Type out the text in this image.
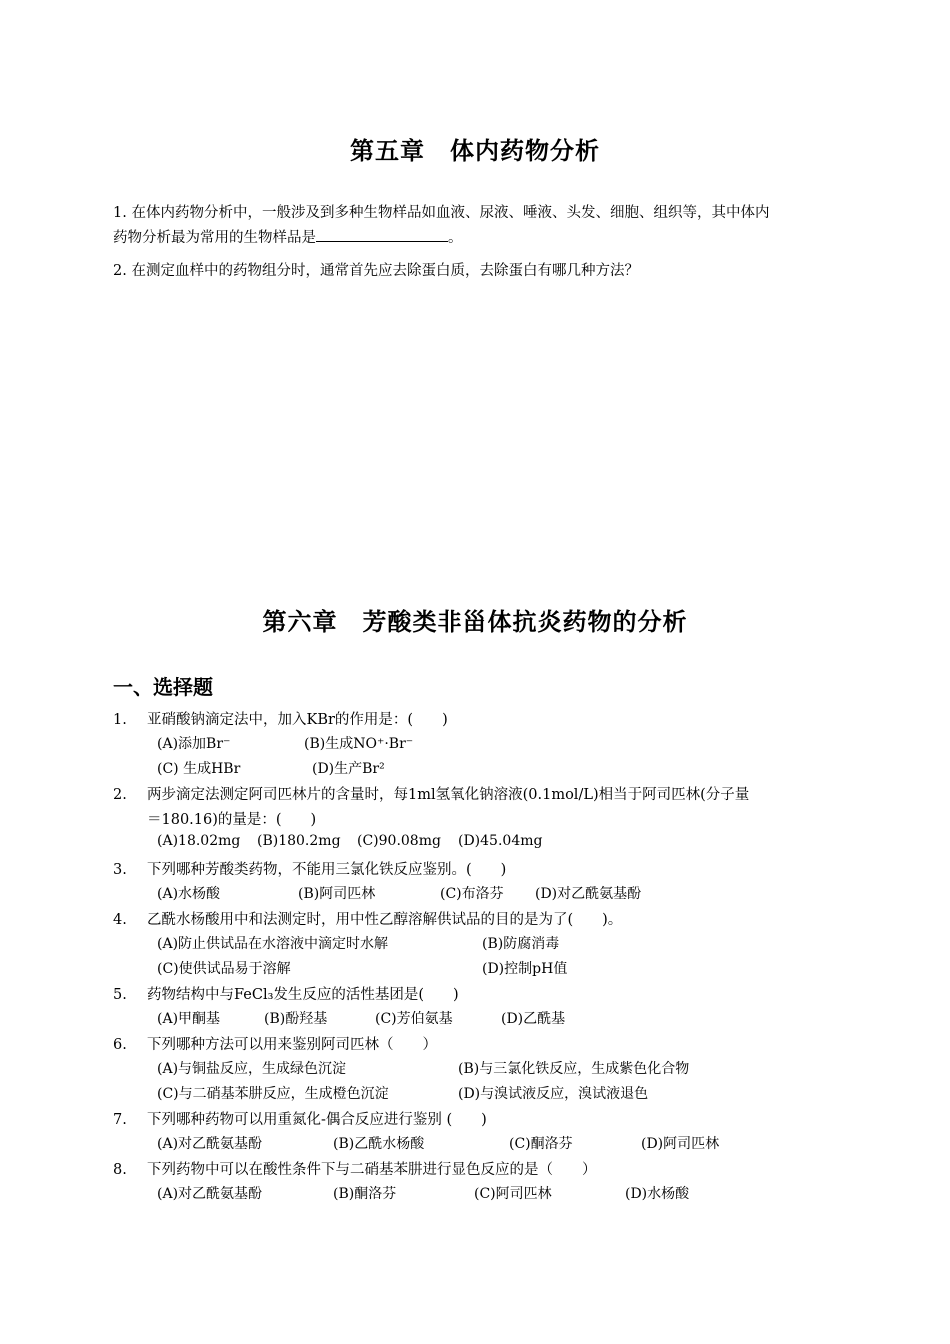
第五章　体内药物分析
1. 在体内药物分析中，一般涉及到多种生物样品如血液、尿液、唾液、头发、细胞、组织等，其中体内
药物分析最为常用的生物样品是	。
2. 在测定血样中的药物组分时，通常首先应去除蛋白质，去除蛋白有哪几种方法？
第六章　芳酸类非甾体抗炎药物的分析
一、选择题
1. 亚硝酸钠滴定法中，加入KBr的作用是：(　　)
(A)添加Br⁻	(B)生成NO⁺·Br⁻
(C) 生成HBr	(D)生产Br²
2. 两步滴定法测定阿司匹林片的含量时，每1ml氢氧化钠溶液(0.1mol/L)相当于阿司匹林(分子量
＝180.16)的量是：(　　)
(A)18.02mg (B)180.2mg (C)90.08mg (D)45.04mg
3. 下列哪种芳酸类药物，不能用三氯化铁反应鉴别。(　　)
(A)水杨酸	(B)阿司匹林	(C)布洛芬 (D)对乙酰氨基酚
4. 乙酰水杨酸用中和法测定时，用中性乙醇溶解供试品的目的是为了(　　)。
(A)防止供试品在水溶液中滴定时水解	(B)防腐消毒
(C)使供试品易于溶解	(D)控制pH值
5. 药物结构中与FeCl₃发生反应的活性基团是(　　)
(A)甲酮基	(B)酚羟基	(C)芳伯氨基	(D)乙酰基
6. 下列哪种方法可以用来鉴别阿司匹林（　　）
(A)与铜盐反应，生成绿色沉淀	(B)与三氯化铁反应，生成紫色化合物
(C)与二硝基苯肼反应，生成橙色沉淀	(D)与溴试液反应，溴试液退色
7. 下列哪种药物可以用重氮化-偶合反应进行鉴别 (　　)
(A)对乙酰氨基酚	(B)乙酰水杨酸	(C)酮洛芬	(D)阿司匹林
8. 下列药物中可以在酸性条件下与二硝基苯肼进行显色反应的是（　　）
(A)对乙酰氨基酚	(B)酮洛芬	(C)阿司匹林	(D)水杨酸
